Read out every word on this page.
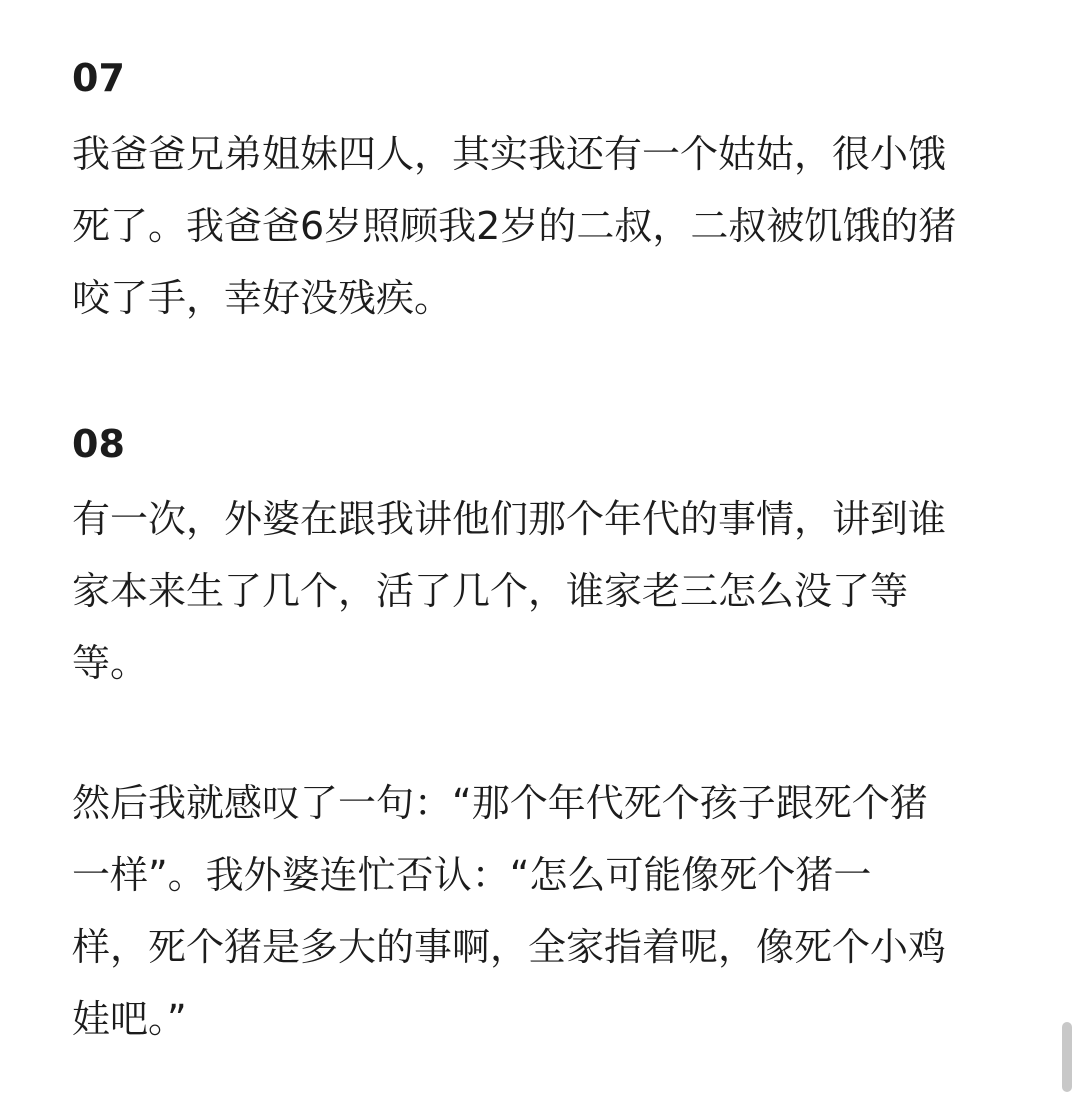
07

我爸爸兄弟姐妹四人，其实我还有一个姑姑，很小饿
死了。我爸爸6岁照顾我2岁的二叔，二叔被饥饿的猪
咬了手，幸好没残疾。

08

有一次，外婆在跟我讲他们那个年代的事情，讲到谁
家本来生了几个，活了几个，谁家老三怎么没了等
等。

然后我就感叹了一句：“那个年代死个孩子跟死个猪
一样”。我外婆连忙否认：“怎么可能像死个猪一
样，死个猪是多大的事啊，全家指着呢，像死个小鸡
娃吧。”
